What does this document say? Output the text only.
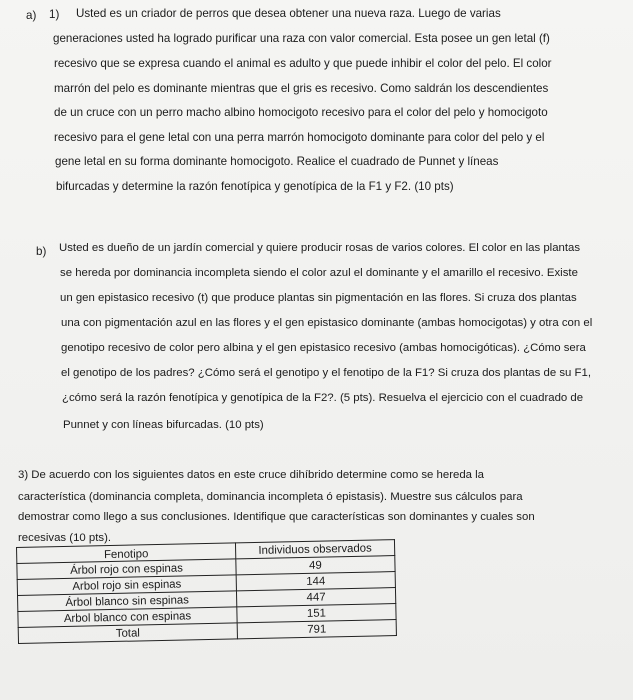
a) 1) Usted es un criador de perros que desea obtener una nueva raza. Luego de varias
generaciones usted ha logrado purificar una raza con valor comercial. Esta posee un gen letal (f)
recesivo que se expresa cuando el animal es adulto y que puede inhibir el color del pelo. El color
marrón del pelo es dominante mientras que el gris es recesivo. Como saldrán los descendientes
de un cruce con un perro macho albino homocigoto recesivo para el color del pelo y homocigoto
recesivo para el gene letal con una perra marrón homocigoto dominante para color del pelo y el
gene letal en su forma dominante homocigoto. Realice el cuadrado de Punnet y líneas
bifurcadas y determine la razón fenotípica y genotípica de la F1 y F2. (10 pts)
b) Usted es dueño de un jardín comercial y quiere producir rosas de varios colores. El color en las plantas
se hereda por dominancia incompleta siendo el color azul el dominante y el amarillo el recesivo. Existe
un gen epistasico recesivo (t) que produce plantas sin pigmentación en las flores. Si cruza dos plantas
una con pigmentación azul en las flores y el gen epistasico dominante (ambas homocigotas) y otra con el
genotipo recesivo de color pero albina y el gen epistasico recesivo (ambas homocigóticas). ¿Cómo sera
el genotipo de los padres? ¿Cómo será el genotipo y el fenotipo de la F1? Si cruza dos plantas de su F1,
¿cómo será la razón fenotípica y genotípica de la F2?. (5 pts). Resuelva el ejercicio con el cuadrado de
Punnet y con líneas bifurcadas. (10 pts)
3) De acuerdo con los siguientes datos en este cruce dihíbrido determine como se hereda la
característica (dominancia completa, dominancia incompleta ó epistasis). Muestre sus cálculos para
demostrar como llego a sus conclusiones. Identifique que características son dominantes y cuales son
recesivas (10 pts).
Fenotipo	Individuos observados
Árbol rojo con espinas	49
Arbol rojo sin espinas	144
Árbol blanco sin espinas	447
Arbol blanco con espinas	151
Total	791
